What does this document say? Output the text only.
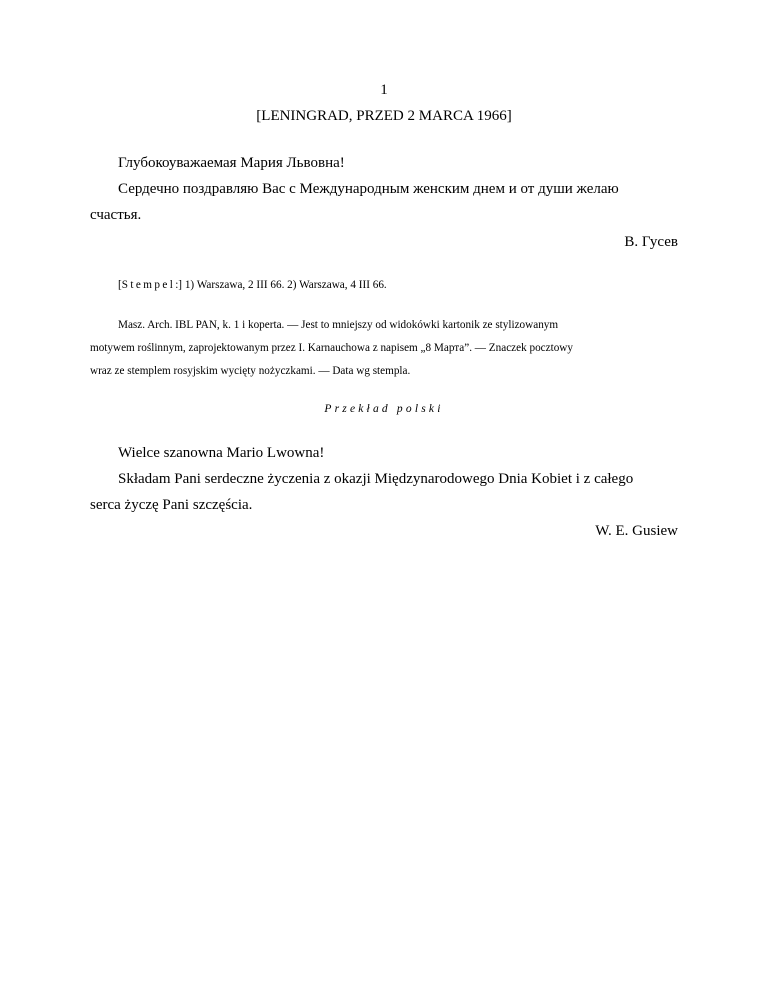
1
[LENINGRAD, PRZED 2 MARCA 1966]
Глубокоуважаемая Мария Львовна!
Сердечно поздравляю Вас с Международным женским днем и от души желаю
счастья.
В. Гусев
[Stempel:] 1) Warszawa, 2 III 66. 2) Warszawa, 4 III 66.
Masz. Arch. IBL PAN, k. 1 i koperta. — Jest to mniejszy od widokówki kartonik ze stylizowanym
motywem roślinnym, zaprojektowanym przez I. Karnauchowa z napisem „8 Марта”. — Znaczek pocztowy
wraz ze stemplem rosyjskim wycięty nożyczkami. — Data wg stempla.
Przekład polski
Wielce szanowna Mario Lwowna!
Składam Pani serdeczne życzenia z okazji Międzynarodowego Dnia Kobiet i z całego
serca życzę Pani szczęścia.
W. E. Gusiew
